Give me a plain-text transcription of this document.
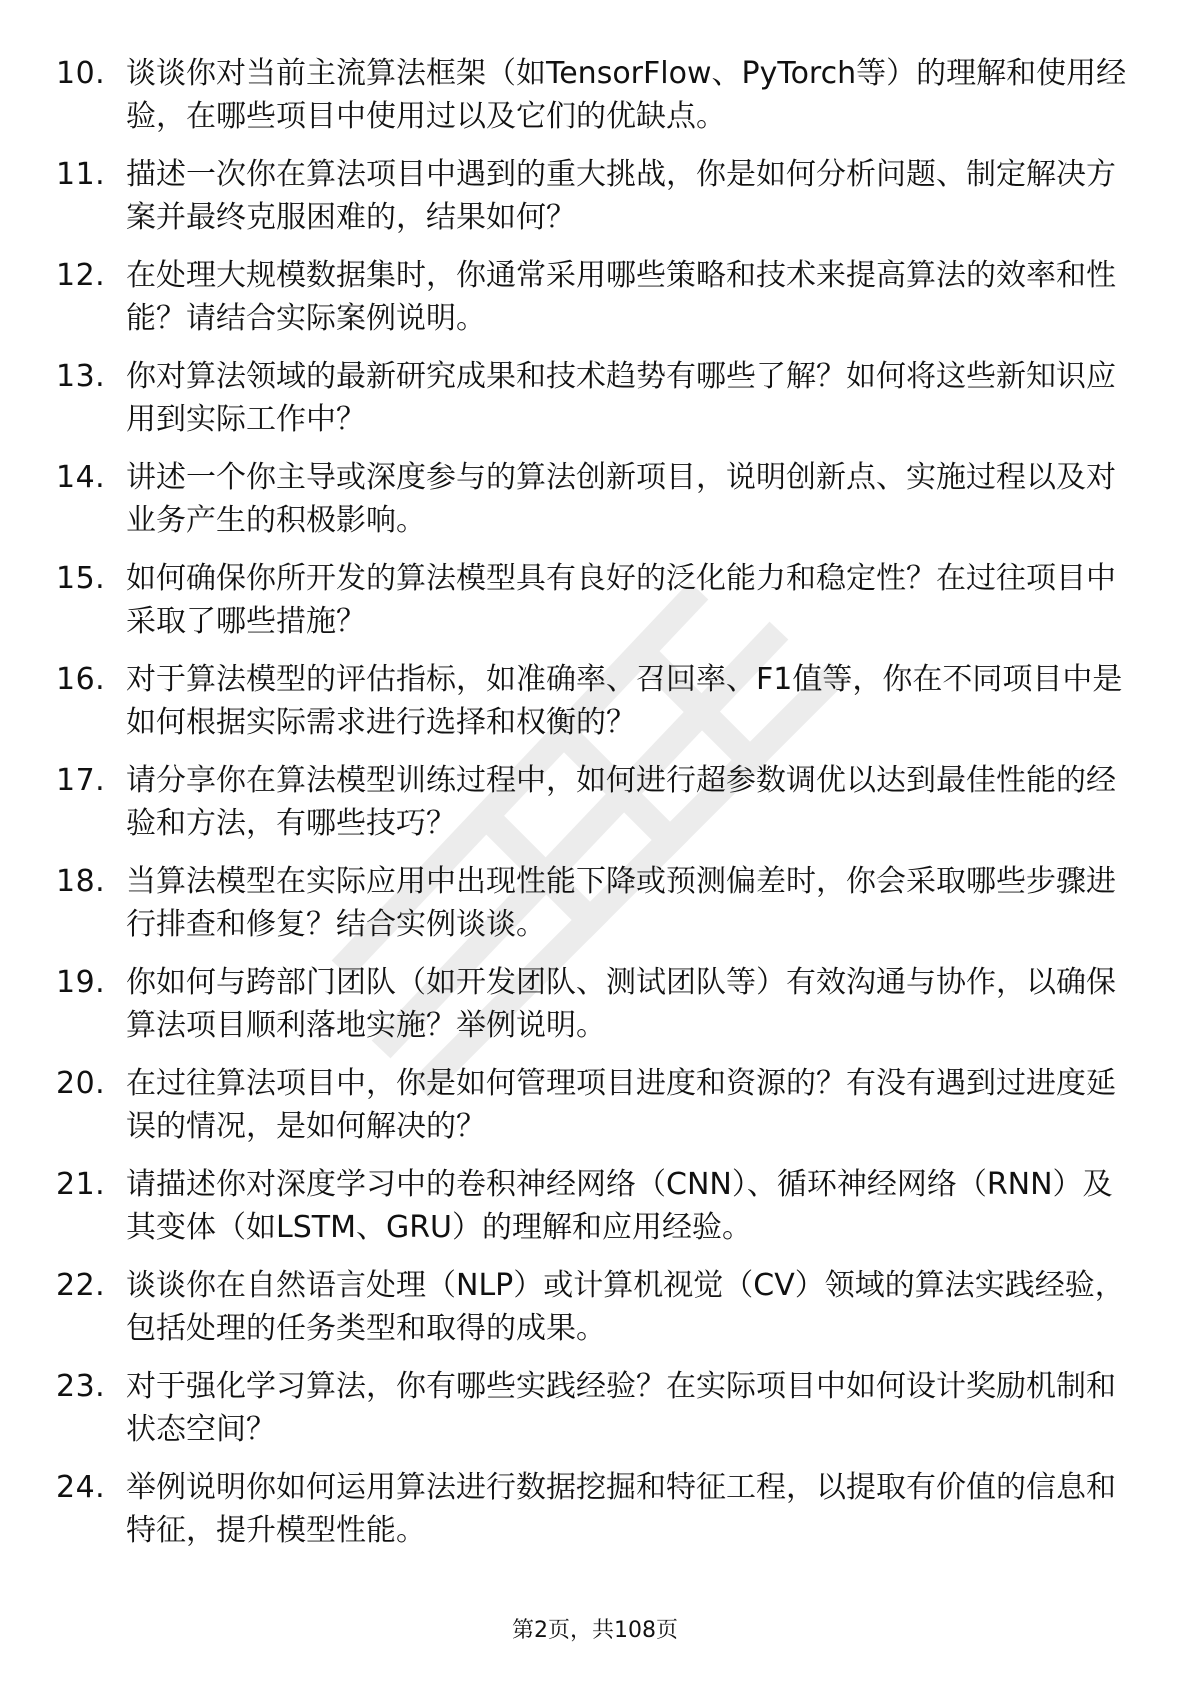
10. 谈谈你对当前主流算法框架（如TensorFlow、PyTorch等）的理解和使用经验，在哪些项目中使用过以及它们的优缺点。
11. 描述一次你在算法项目中遇到的重大挑战，你是如何分析问题、制定解决方案并最终克服困难的，结果如何？
12. 在处理大规模数据集时，你通常采用哪些策略和技术来提高算法的效率和性能？请结合实际案例说明。
13. 你对算法领域的最新研究成果和技术趋势有哪些了解？如何将这些新知识应用到实际工作中？
14. 讲述一个你主导或深度参与的算法创新项目，说明创新点、实施过程以及对业务产生的积极影响。
15. 如何确保你所开发的算法模型具有良好的泛化能力和稳定性？在过往项目中采取了哪些措施？
16. 对于算法模型的评估指标，如准确率、召回率、F1值等，你在不同项目中是如何根据实际需求进行选择和权衡的？
17. 请分享你在算法模型训练过程中，如何进行超参数调优以达到最佳性能的经验和方法，有哪些技巧？
18. 当算法模型在实际应用中出现性能下降或预测偏差时，你会采取哪些步骤进行排查和修复？结合实例谈谈。
19. 你如何与跨部门团队（如开发团队、测试团队等）有效沟通与协作，以确保算法项目顺利落地实施？举例说明。
20. 在过往算法项目中，你是如何管理项目进度和资源的？有没有遇到过进度延误的情况，是如何解决的？
21. 请描述你对深度学习中的卷积神经网络（CNN）、循环神经网络（RNN）及其变体（如LSTM、GRU）的理解和应用经验。
22. 谈谈你在自然语言处理（NLP）或计算机视觉（CV）领域的算法实践经验，包括处理的任务类型和取得的成果。
23. 对于强化学习算法，你有哪些实践经验？在实际项目中如何设计奖励机制和状态空间？
24. 举例说明你如何运用算法进行数据挖掘和特征工程，以提取有价值的信息和特征，提升模型性能。
第2页，共108页
